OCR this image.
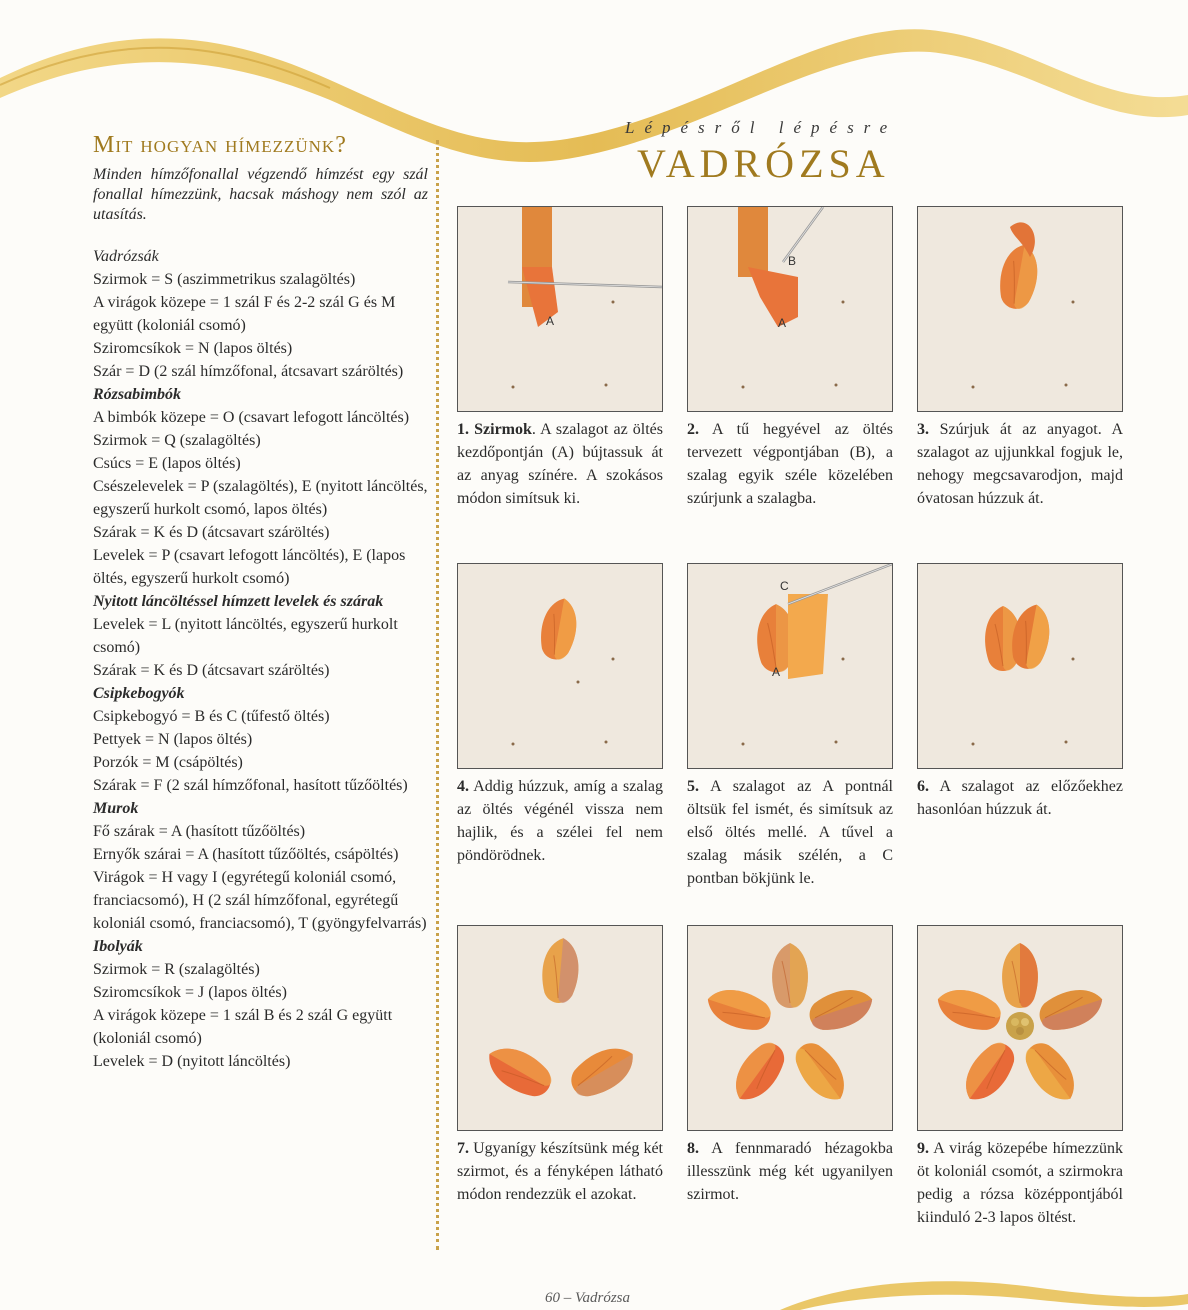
Mit hogyan hímezzünk?
Minden hímzőfonallal végzendő hímzést egy szál fonallal hímezzünk, hacsak máshogy nem szól az utasítás.
Vadrózsák
Szirmok = S (aszimmetrikus szalagöltés)
A virágok közepe = 1 szál F és 2-2 szál G és M együtt (koloniál csomó)
Sziromcsíkok = N (lapos öltés)
Szár = D (2 szál hímzőfonal, átcsavart száröltés)
Rózsabimbók
A bimbók közepe = O (csavart lefogott láncöltés)
Szirmok = Q (szalagöltés)
Csúcs = E (lapos öltés)
Csészelevelek = P (szalagöltés), E (nyitott láncöltés, egyszerű hurkolt csomó, lapos öltés)
Szárak = K és D (átcsavart száröltés)
Levelek = P (csavart lefogott láncöltés), E (lapos öltés, egyszerű hurkolt csomó)
Nyitott láncöltéssel hímzett levelek és szárak
Levelek = L (nyitott láncöltés, egyszerű hurkolt csomó)
Szárak = K és D (átcsavart száröltés)
Csipkebogyók
Csipkebogyó = B és C (tűfestő öltés)
Pettyek = N (lapos öltés)
Porzók = M (csápöltés)
Szárak = F (2 szál hímzőfonal, hasított tűzőöltés)
Murok
Fő szárak = A (hasított tűzőöltés)
Ernyők szárai = A (hasított tűzőöltés, csápöltés)
Virágok = H vagy I (egyrétegű koloniál csomó, franciacsomó), H (2 szál hímzőfonal, egyrétegű koloniál csomó, franciacsomó), T (gyöngyfelvarrás)
Ibolyák
Szirmok = R (szalagöltés)
Sziromcsíkok = J (lapos öltés)
A virágok közepe = 1 szál B és 2 szál G együtt (koloniál csomó)
Levelek = D (nyitott láncöltés)
Lépésről lépésre
VADRÓZSA
A
1. Szirmok. A szalagot az öltés kezdőpontján (A) bújtassuk át az anyag színére. A szokásos módon simítsuk ki.
B
A
2. A tű hegyével az öltés tervezett végpontjában (B), a szalag egyik széle közelében szúrjunk a szalagba.
3. Szúrjuk át az anyagot. A szalagot az ujjunkkal fogjuk le, nehogy megcsavarodjon, majd óvatosan húzzuk át.
4. Addig húzzuk, amíg a szalag az öltés végénél vissza nem hajlik, és a szélei fel nem pöndörödnek.
C
A
5. A szalagot az A pontnál öltsük fel ismét, és simítsuk az első öltés mellé. A tűvel a szalag másik szélén, a C pontban bökjünk le.
6. A szalagot az előzőekhez hasonlóan húzzuk át.
7. Ugyanígy készítsünk még két szirmot, és a fényképen látható módon rendezzük el azokat.
8. A fennmaradó hézagokba illesszünk még két ugyanilyen szirmot.
9. A virág közepébe hímezzünk öt koloniál csomót, a szirmokra pedig a rózsa középpontjából kiinduló 2-3 lapos öltést.
60 – Vadrózsa
